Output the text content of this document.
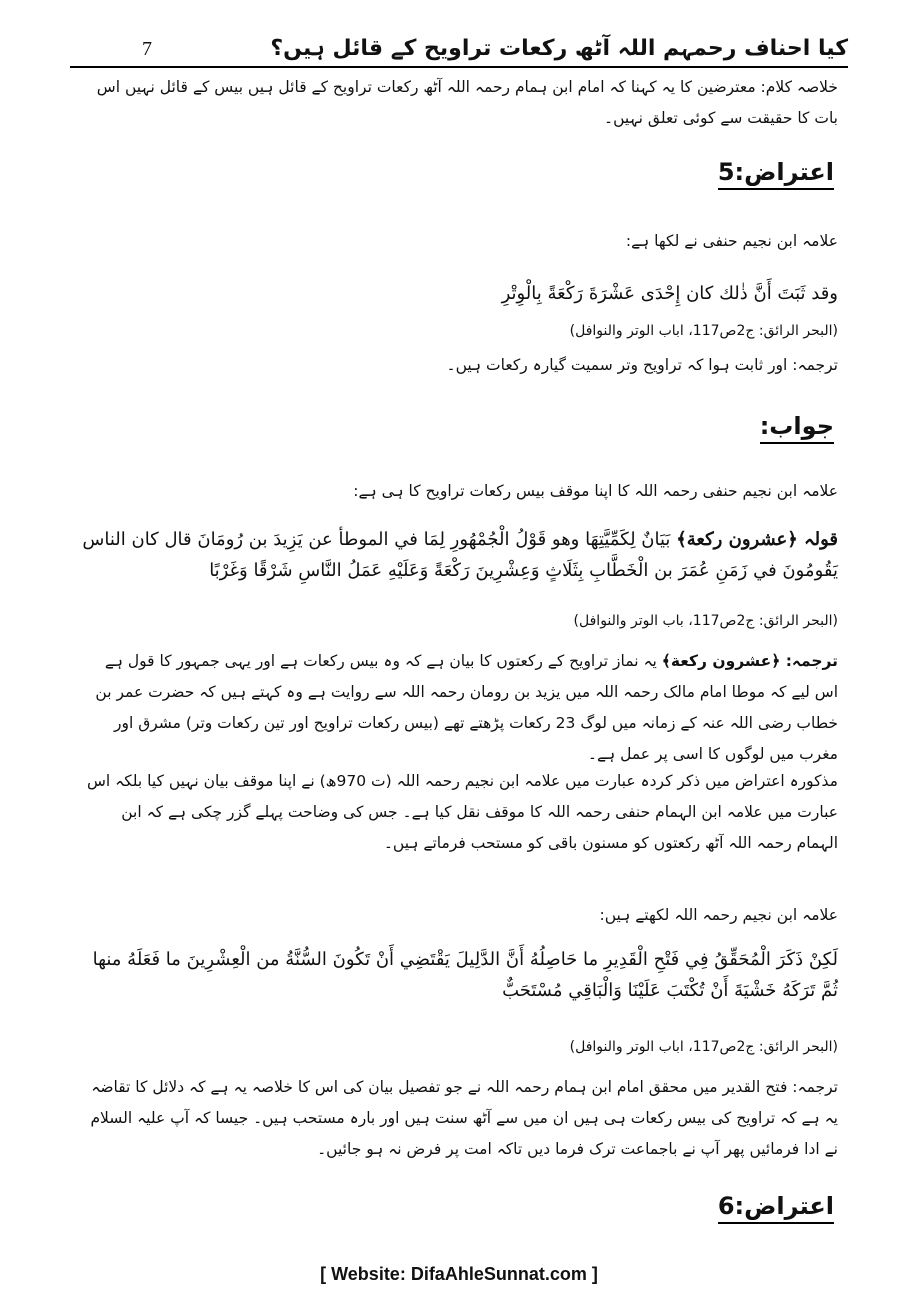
کیا احناف رحمہم اللہ آٹھ رکعات تراویح کے قائل ہیں؟
7
خلاصہ کلام: معترضین کا یہ کہنا کہ امام ابن ہمام رحمہ اللہ آٹھ رکعات تراویح کے قائل ہیں بیس کے قائل نہیں اس بات کا حقیقت سے کوئی تعلق نہیں۔
اعتراض:5
علامہ ابن نجیم حنفی نے لکھا ہے:
وقد ثَبَتَ أَنَّ ذٰلك كان إِحْدَى عَشْرَةَ رَكْعَةً بِالْوِتْرِ
(البحر الرائق: ج2ص117، اباب الوتر والنوافل)
ترجمہ: اور ثابت ہوا کہ تراویح وتر سمیت گیارہ رکعات ہیں۔
جواب:
علامہ ابن نجیم حنفی رحمہ اللہ کا اپنا موقف بیس رکعات تراویح کا ہی ہے:
قولہ ﴿عشرون ركعة﴾ بَيَانٌ لِكَمِّيَّتِهَا وهو قَوْلُ الْجُمْهُورِ لِمَا في الموطأ عن يَزِيدَ بن رُومَانَ قال كان الناس يَقُومُونَ في زَمَنِ عُمَرَ بن الْخَطَّابِ بِثَلَاثٍ وَعِشْرِينَ رَكْعَةً وَعَلَيْهِ عَمَلُ النَّاسِ شَرْقًا وَغَرْبًا
(البحر الرائق: ج2ص117، باب الوتر والنوافل)
ترجمہ: ﴿عشرون ركعة﴾ یہ نماز تراویح کے رکعتوں کا بیان ہے کہ وہ بیس رکعات ہے اور یہی جمہور کا قول ہے اس لیے کہ موطا امام مالک رحمہ اللہ میں یزید بن رومان رحمہ اللہ سے روایت ہے وہ کہتے ہیں کہ حضرت عمر بن خطاب رضی اللہ عنہ کے زمانہ میں لوگ 23 رکعات پڑھتے تھے (بیس رکعات تراویح اور تین رکعات وتر) مشرق اور مغرب میں لوگوں کا اسی پر عمل ہے۔
مذکورہ اعتراض میں ذکر کردہ عبارت میں علامہ ابن نجیم رحمہ اللہ (ت 970ھ) نے اپنا موقف بیان نہیں کیا بلکہ اس عبارت میں علامہ ابن الہمام حنفی رحمہ اللہ کا موقف نقل کیا ہے۔ جس کی وضاحت پہلے گزر چکی ہے کہ ابن الہمام رحمہ اللہ آٹھ رکعتوں کو مسنون باقی کو مستحب فرماتے ہیں۔
علامہ ابن نجیم رحمہ اللہ لکھتے ہیں:
لَكِنْ ذَكَرَ الْمُحَقِّقُ فِي فَتْحِ الْقَدِيرِ ما حَاصِلُهُ أَنَّ الدَّلِيلَ يَقْتَضِي أَنْ تَكُونَ السُّنَّةُ من الْعِشْرِينَ ما فَعَلَهُ منها ثُمَّ تَرَكَهُ خَشْيَةَ أَنْ تُكْتَبَ عَلَيْنَا وَالْبَاقِي مُسْتَحَبٌّ
(البحر الرائق: ج2ص117، اباب الوتر والنوافل)
ترجمہ: فتح القدیر میں محقق امام ابن ہمام رحمہ اللہ نے جو تفصیل بیان کی اس کا خلاصہ یہ ہے کہ دلائل کا تقاضہ یہ ہے کہ تراویح کی بیس رکعات ہی ہیں ان میں سے آٹھ سنت ہیں اور بارہ مستحب ہیں۔ جیسا کہ آپ علیہ السلام نے ادا فرمائیں پھر آپ نے باجماعت ترک فرما دیں تاکہ امت پر فرض نہ ہو جائیں۔
اعتراض:6
[ Website: DifaAhleSunnat.com ]
